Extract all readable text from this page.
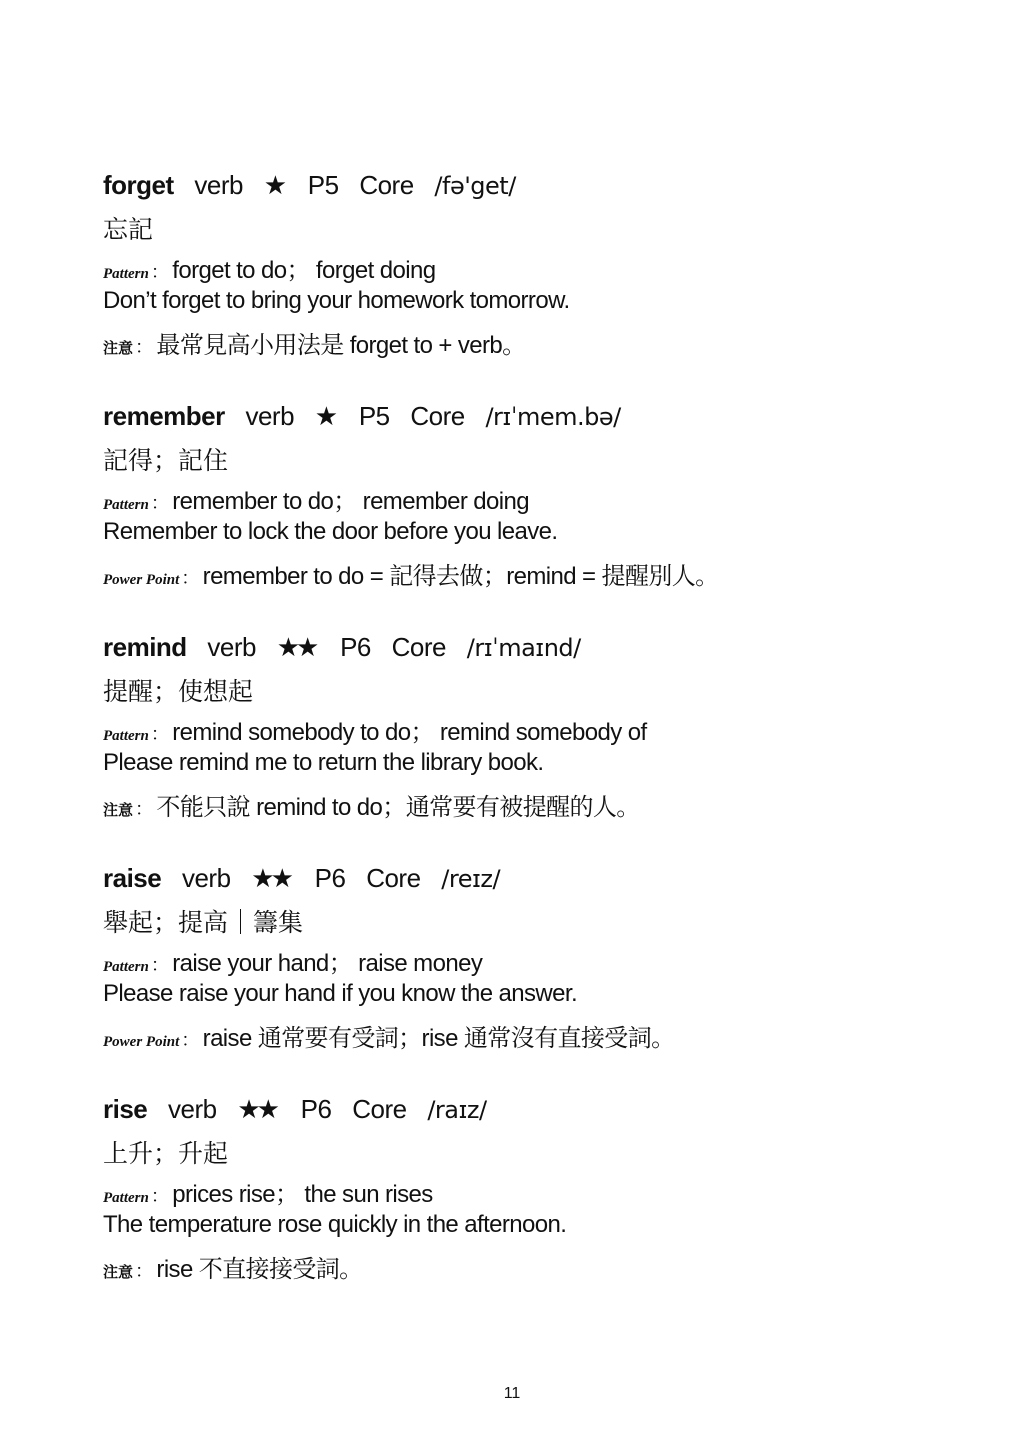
forget verb ★ P5 Core /fə'get/
忘記
Pattern ： forget to do； forget doing
Don’t forget to bring your homework tomorrow.
注意 ： 最常見高小用法是 forget to + verb。
remember verb ★ P5 Core /rɪˈmem.bə/
記得；記住
Pattern ： remember to do； remember doing
Remember to lock the door before you leave.
Power Point ： remember to do = 記得去做；remind = 提醒別人。
remind verb ★★ P6 Core /rɪˈmaɪnd/
提醒；使想起
Pattern ： remind somebody to do； remind somebody of
Please remind me to return the library book.
注意 ： 不能只說 remind to do；通常要有被提醒的人。
raise verb ★★ P6 Core /reɪz/
舉起；提高｜籌集
Pattern ： raise your hand； raise money
Please raise your hand if you know the answer.
Power Point ： raise 通常要有受詞；rise 通常沒有直接受詞。
rise verb ★★ P6 Core /raɪz/
上升；升起
Pattern ： prices rise； the sun rises
The temperature rose quickly in the afternoon.
注意 ： rise 不直接接受詞。
11
